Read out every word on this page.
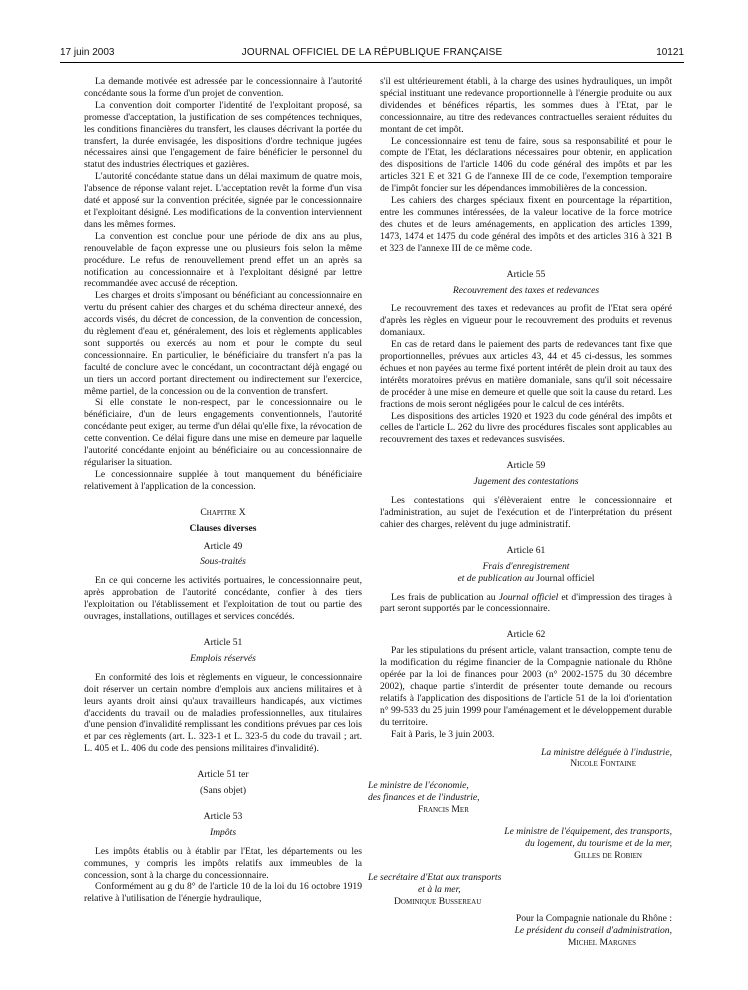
17 juin 2003	JOURNAL OFFICIEL DE LA RÉPUBLIQUE FRANÇAISE	10121

La demande motivée est adressée par le concessionnaire à l'autorité concédante sous la forme d'un projet de convention.

La convention doit comporter l'identité de l'exploitant proposé, sa promesse d'acceptation, la justification de ses compétences techniques, les conditions financières du transfert, les clauses décrivant la portée du transfert, la durée envisagée, les dispositions d'ordre technique jugées nécessaires ainsi que l'engagement de faire bénéficier le personnel du statut des industries électriques et gazières.

L'autorité concédante statue dans un délai maximum de quatre mois, l'absence de réponse valant rejet. L'acceptation revêt la forme d'un visa daté et apposé sur la convention précitée, signée par le concessionnaire et l'exploitant désigné. Les modifications de la convention interviennent dans les mêmes formes.

La convention est conclue pour une période de dix ans au plus, renouvelable de façon expresse une ou plusieurs fois selon la même procédure. Le refus de renouvellement prend effet un an après sa notification au concessionnaire et à l'exploitant désigné par lettre recommandée avec accusé de réception.

Les charges et droits s'imposant ou bénéficiant au concessionnaire en vertu du présent cahier des charges et du schéma directeur annexé, des accords visés, du décret de concession, de la convention de concession, du règlement d'eau et, généralement, des lois et règlements applicables sont supportés ou exercés au nom et pour le compte du seul concessionnaire. En particulier, le bénéficiaire du transfert n'a pas la faculté de conclure avec le concédant, un cocontractant déjà engagé ou un tiers un accord portant directement ou indirectement sur l'exercice, même partiel, de la concession ou de la convention de transfert.

Si elle constate le non-respect, par le concessionnaire ou le bénéficiaire, d'un de leurs engagements conventionnels, l'autorité concédante peut exiger, au terme d'un délai qu'elle fixe, la révocation de cette convention. Ce délai figure dans une mise en demeure par laquelle l'autorité concédante enjoint au bénéficiaire ou au concessionnaire de régulariser la situation.

Le concessionnaire supplée à tout manquement du bénéficiaire relativement à l'application de la concession.

Chapitre X

Clauses diverses

Article 49

Sous-traités

En ce qui concerne les activités portuaires, le concessionnaire peut, après approbation de l'autorité concédante, confier à des tiers l'exploitation ou l'établissement et l'exploitation de tout ou partie des ouvrages, installations, outillages et services concédés.

Article 51

Emplois réservés

En conformité des lois et règlements en vigueur, le concessionnaire doit réserver un certain nombre d'emplois aux anciens militaires et à leurs ayants droit ainsi qu'aux travailleurs handicapés, aux victimes d'accidents du travail ou de maladies professionnelles, aux titulaires d'une pension d'invalidité remplissant les conditions prévues par ces lois et par ces règlements (art. L. 323-1 et L. 323-5 du code du travail ; art. L. 405 et L. 406 du code des pensions militaires d'invalidité).

Article 51 ter

(Sans objet)

Article 53

Impôts

Les impôts établis ou à établir par l'Etat, les départements ou les communes, y compris les impôts relatifs aux immeubles de la concession, sont à la charge du concessionnaire.

Conformément au g du 8° de l'article 10 de la loi du 16 octobre 1919 relative à l'utilisation de l'énergie hydraulique,

s'il est ultérieurement établi, à la charge des usines hydrauliques, un impôt spécial instituant une redevance proportionnelle à l'énergie produite ou aux dividendes et bénéfices répartis, les sommes dues à l'Etat, par le concessionnaire, au titre des redevances contractuelles seraient réduites du montant de cet impôt.

Le concessionnaire est tenu de faire, sous sa responsabilité et pour le compte de l'Etat, les déclarations nécessaires pour obtenir, en application des dispositions de l'article 1406 du code général des impôts et par les articles 321 E et 321 G de l'annexe III de ce code, l'exemption temporaire de l'impôt foncier sur les dépendances immobilières de la concession.

Les cahiers des charges spéciaux fixent en pourcentage la répartition, entre les communes intéressées, de la valeur locative de la force motrice des chutes et de leurs aménagements, en application des articles 1399, 1473, 1474 et 1475 du code général des impôts et des articles 316 à 321 B et 323 de l'annexe III de ce même code.

Article 55

Recouvrement des taxes et redevances

Le recouvrement des taxes et redevances au profit de l'Etat sera opéré d'après les règles en vigueur pour le recouvrement des produits et revenus domaniaux.

En cas de retard dans le paiement des parts de redevances tant fixe que proportionnelles, prévues aux articles 43, 44 et 45 ci-dessus, les sommes échues et non payées au terme fixé portent intérêt de plein droit au taux des intérêts moratoires prévus en matière domaniale, sans qu'il soit nécessaire de procéder à une mise en demeure et quelle que soit la cause du retard. Les fractions de mois seront négligées pour le calcul de ces intérêts.

Les dispositions des articles 1920 et 1923 du code général des impôts et celles de l'article L. 262 du livre des procédures fiscales sont applicables au recouvrement des taxes et redevances susvisées.

Article 59

Jugement des contestations

Les contestations qui s'élèveraient entre le concessionnaire et l'administration, au sujet de l'exécution et de l'interprétation du présent cahier des charges, relèvent du juge administratif.

Article 61

Frais d'enregistrement

et de publication au Journal officiel

Les frais de publication au Journal officiel et d'impression des tirages à part seront supportés par le concessionnaire.

Article 62

Par les stipulations du présent article, valant transaction, compte tenu de la modification du régime financier de la Compagnie nationale du Rhône opérée par la loi de finances pour 2003 (n° 2002-1575 du 30 décembre 2002), chaque partie s'interdit de présenter toute demande ou recours relatifs à l'application des dispositions de l'article 51 de la loi d'orientation n° 99-533 du 25 juin 1999 pour l'aménagement et le développement durable du territoire.

Fait à Paris, le 3 juin 2003.

La ministre déléguée à l'industrie,

Nicole Fontaine

Le ministre de l'économie,

des finances et de l'industrie,

Francis Mer

Le ministre de l'équipement, des transports,

du logement, du tourisme et de la mer,

Gilles de Robien

Le secrétaire d'Etat aux transports

et à la mer,

Dominique Bussereau

Pour la Compagnie nationale du Rhône :

Le président du conseil d'administration,

Michel Margnes
